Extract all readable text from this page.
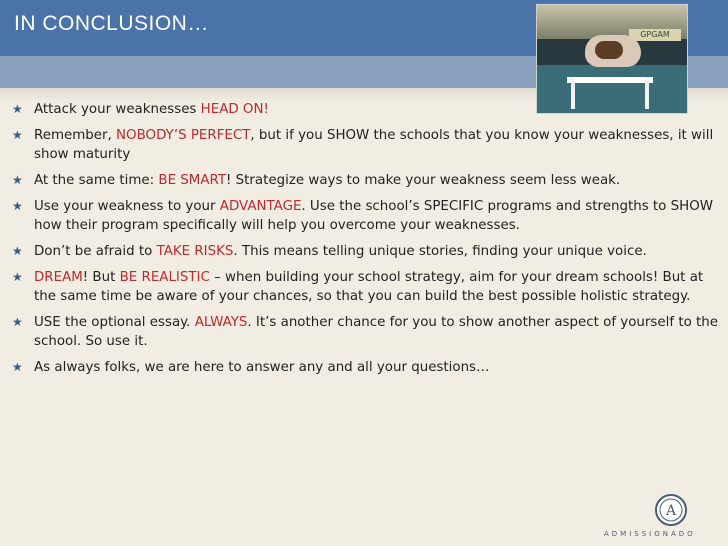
IN CONCLUSION…	GPGAM
★ Attack your weaknesses HEAD ON!
★ Remember, NOBODY’S PERFECT, but if you SHOW the schools that you know your weaknesses, it will show maturity
★ At the same time: BE SMART! Strategize ways to make your weakness seem less weak.
★ Use your weakness to your ADVANTAGE. Use the school’s SPECIFIC programs and strengths to SHOW how their program specifically will help you overcome your weaknesses.
★ Don’t be afraid to TAKE RISKS. This means telling unique stories, finding your unique voice.
★ DREAM! But BE REALISTIC – when building your school strategy, aim for your dream schools! But at the same time be aware of your chances, so that you can build the best possible holistic strategy.
★ USE the optional essay. ALWAYS. It’s another chance for you to show another aspect of yourself to the school. So use it.
★ As always folks, we are here to answer any and all your questions…
A
ADMISSIONADO
